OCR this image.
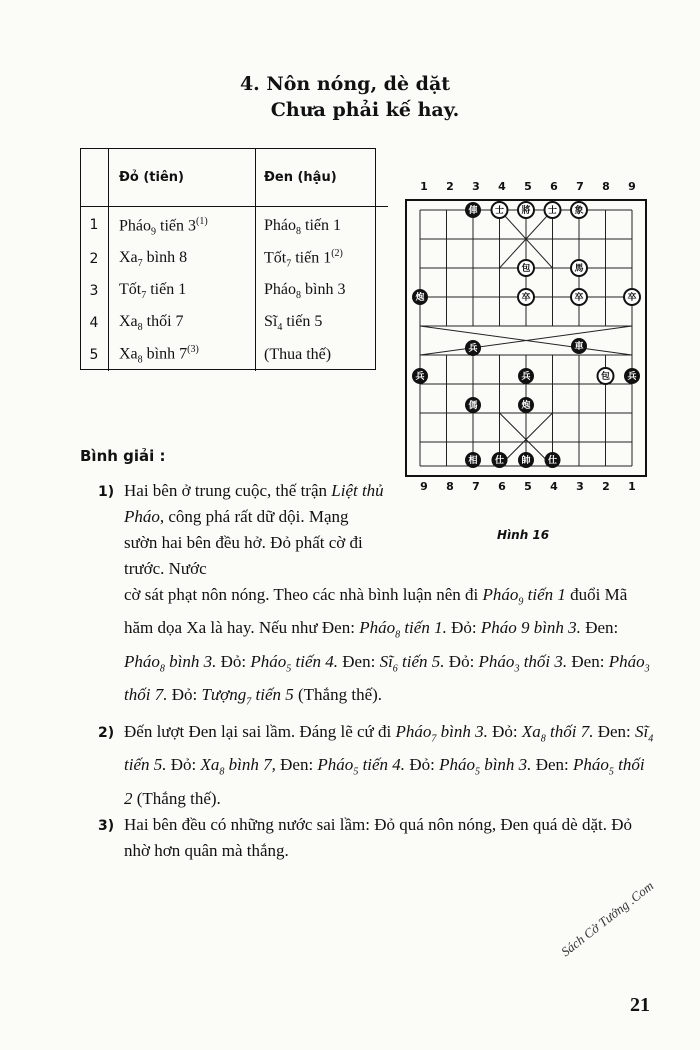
4. Nôn nóng, dè dặt
Chưa phải kế hay.
	Đỏ (tiên)	Đen (hậu)
1	Pháo$_9$ tiến 3$^{(1)}$	Pháo$_8$ tiến 1
2	$Xa_7$ bình 8	Tốt$_7$ tiến 1$^{(2)}$
3	Tốt$_7$ tiến 1	Pháo$_8$ bình 3
4	$Xa_8$ thối 7	$Sĩ_4$ tiến 5
5	$Xa_8$ bình 7$^{(3)}$	(Thua thế)
1 2 3 4 5 6 7 8 9
俥 士 將 士 象
包	馬
炮	卒	卒	卒
兵	車
兵	兵	包 兵
傌	炮
相 仕 帥 仕
9 8 7 6 5 4 3 2 1
Hình 16
Bình giải :
1) Hai bên ở trung cuộc, thế trận Liệt thủ Pháo, công phá rất dữ dội. Mạng sườn hai bên đều hở. Đỏ phất cờ đi trước. Nước
cờ sát phạt nôn nóng. Theo các nhà bình luận nên đi Pháo$_9$ tiến 1 đuổi Mã hăm dọa Xa là hay. Nếu như Đen: Pháo$_8$ tiến 1. Đỏ: Pháo 9 bình 3. Đen: Pháo$_8$ bình 3. Đỏ: Pháo$_5$ tiến 4. Đen: $Sĩ_6$ tiến 5. Đỏ: Pháo$_3$ thối 3. Đen: Pháo$_3$ thối 7. Đỏ: Tượng$_7$ tiến 5 (Thắng thế).
2) Đến lượt Đen lại sai lầm. Đáng lẽ cứ đi Pháo$_7$ bình 3. Đỏ: $Xa_8$ thối 7. Đen: $Sĩ_4$ tiến 5. Đỏ: $Xa_8$ bình 7, Đen: Pháo$_5$ tiến 4. Đỏ: Pháo$_5$ bình 3. Đen: Pháo$_5$ thối 2 (Thắng thế).
3) Hai bên đều có những nước sai lầm: Đỏ quá nôn nóng, Đen quá dè dặt. Đỏ nhờ hơn quân mà thắng.
Sách Cờ Tướng .Com
21
